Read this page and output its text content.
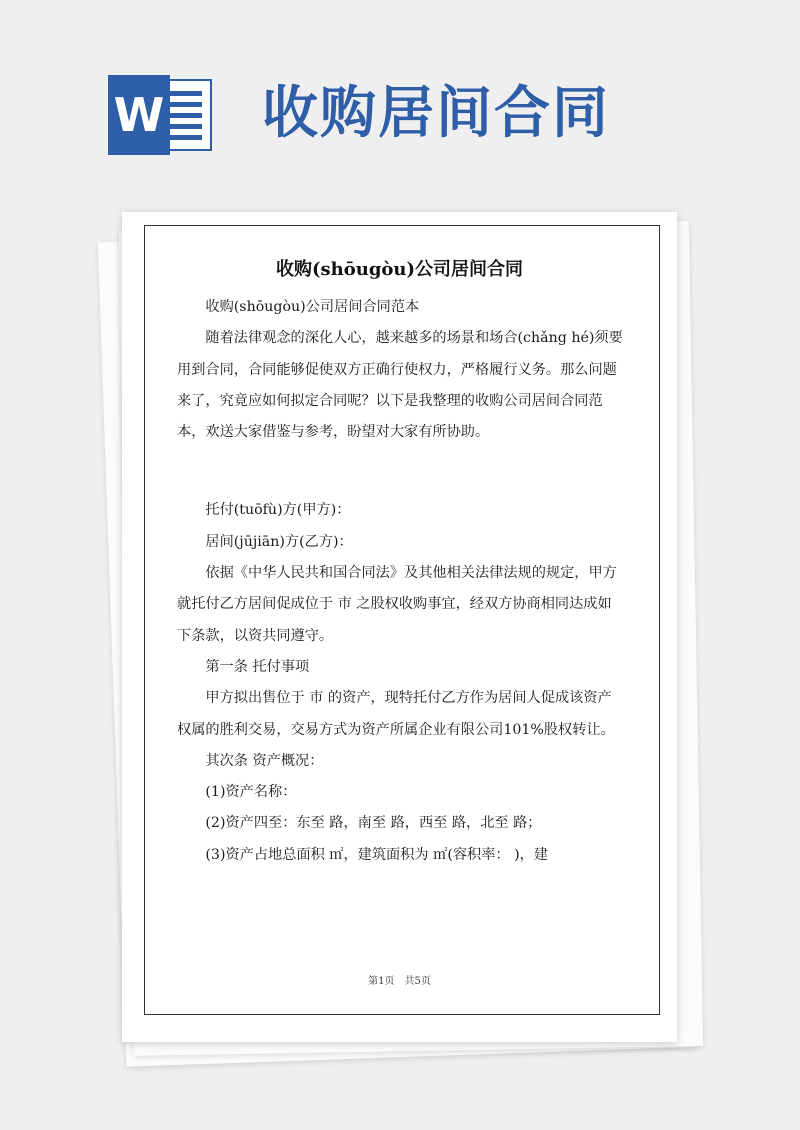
W 收购居间合同
收购(shōugòu)公司居间合同

收购(shōugòu)公司居间合同范本

随着法律观念的深化人心，越来越多的场景和场合(chǎng hé)须要用到合同，合同能够促使双方正确行使权力，严格履行义务。那么问题来了，究竟应如何拟定合同呢？以下是我整理的收购公司居间合同范本，欢送大家借鉴与参考，盼望对大家有所协助。

托付(tuōfù)方(甲方)：

居间(jūjiān)方(乙方)：

依据《中华人民共和国合同法》及其他相关法律法规的规定，甲方就托付乙方居间促成位于 市 之股权收购事宜，经双方协商相同达成如下条款，以资共同遵守。

第一条 托付事项

甲方拟出售位于 市 的资产，现特托付乙方作为居间人促成该资产权属的胜利交易，交易方式为资产所属企业有限公司101%股权转让。

其次条 资产概况：

(1)资产名称：

(2)资产四至：东至 路，南至 路，西至 路，北至 路；

(3)资产占地总面积 ㎡，建筑面积为 ㎡(容积率： )，建

第1页　共5页
